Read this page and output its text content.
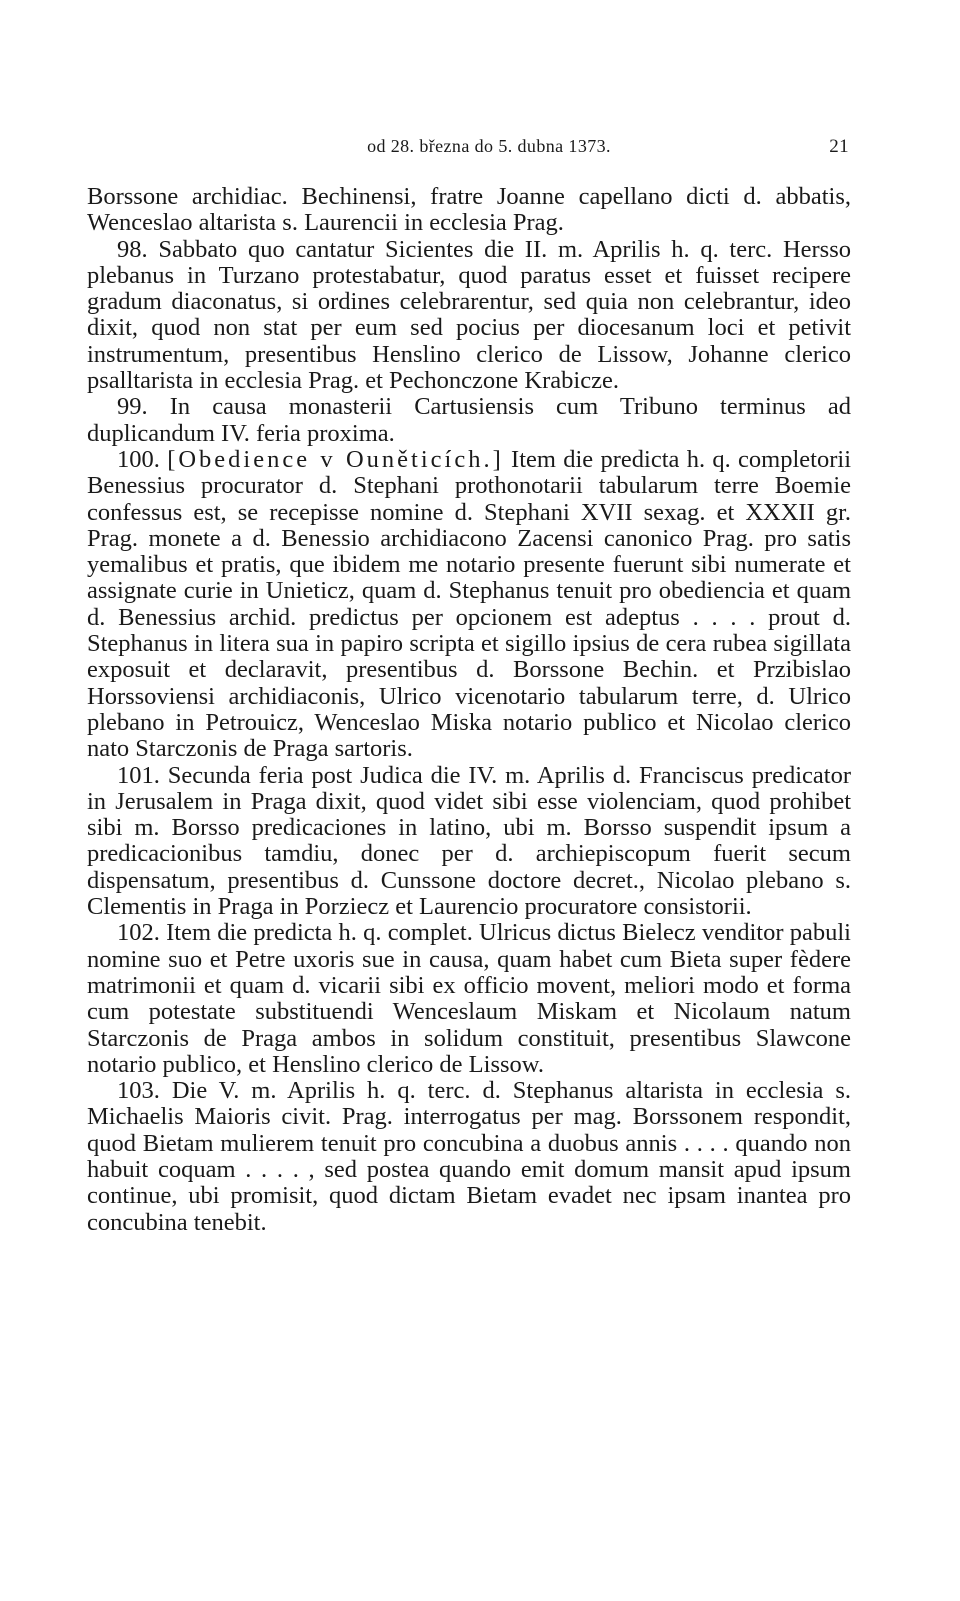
od 28. března do 5. dubna 1373.	21

Borssone archidiac. Bechinensi, fratre Joanne capellano dicti d. abbatis, Wenceslao altarista s. Laurencii in ecclesia Prag.

98. Sabbato quo cantatur Sicientes die II. m. Aprilis h. q. terc. Hersso plebanus in Turzano protestabatur, quod paratus esset et fuisset recipere gradum diaconatus, si ordines celebrarentur, sed quia non celebrantur, ideo dixit, quod non stat per eum sed pocius per diocesanum loci et petivit instrumentum, presentibus Henslino clerico de Lissow, Johanne clerico psalltarista in ecclesia Prag. et Pechonczone Krabicze.

99. In causa monasterii Cartusiensis cum Tribuno terminus ad duplicandum IV. feria proxima.

100. [Obedience v Ouněticích.] Item die predicta h. q. completorii Benessius procurator d. Stephani prothonotarii tabularum terre Boemie confessus est, se recepisse nomine d. Stephani XVII sexag. et XXXII gr. Prag. monete a d. Benessio archidiacono Zacensi canonico Prag. pro satis yemalibus et pratis, que ibidem me notario presente fuerunt sibi numerate et assignate curie in Unieticz, quam d. Stephanus tenuit pro obediencia et quam d. Benessius archid. predictus per opcionem est adeptus . . . . prout d. Stephanus in litera sua in papiro scripta et sigillo ipsius de cera rubea sigillata exposuit et declaravit, presentibus d. Borssone Bechin. et Przibislao Horssoviensi archidiaconis, Ulrico vicenotario tabularum terre, d. Ulrico plebano in Petrouicz, Wenceslao Miska notario publico et Nicolao clerico nato Starczonis de Praga sartoris.

101. Secunda feria post Judica die IV. m. Aprilis d. Franciscus predicator in Jerusalem in Praga dixit, quod videt sibi esse violenciam, quod prohibet sibi m. Borsso predicaciones in latino, ubi m. Borsso suspendit ipsum a predicacionibus tamdiu, donec per d. archiepiscopum fuerit secum dispensatum, presentibus d. Cunssone doctore decret., Nicolao plebano s. Clementis in Praga in Porziecz et Laurencio procuratore consistorii.

102. Item die predicta h. q. complet. Ulricus dictus Bielecz venditor pabuli nomine suo et Petre uxoris sue in causa, quam habet cum Bieta super fèdere matrimonii et quam d. vicarii sibi ex officio movent, meliori modo et forma cum potestate substituendi Wenceslaum Miskam et Nicolaum natum Starczonis de Praga ambos in solidum constituit, presentibus Slawcone notario publico, et Henslino clerico de Lissow.

103. Die V. m. Aprilis h. q. terc. d. Stephanus altarista in ecclesia s. Michaelis Maioris civit. Prag. interrogatus per mag. Borssonem respondit, quod Bietam mulierem tenuit pro concubina a duobus annis . . . . quando non habuit coquam . . . . , sed postea quando emit domum mansit apud ipsum continue, ubi promisit, quod dictam Bietam evadet nec ipsam inantea pro concubina tenebit.
